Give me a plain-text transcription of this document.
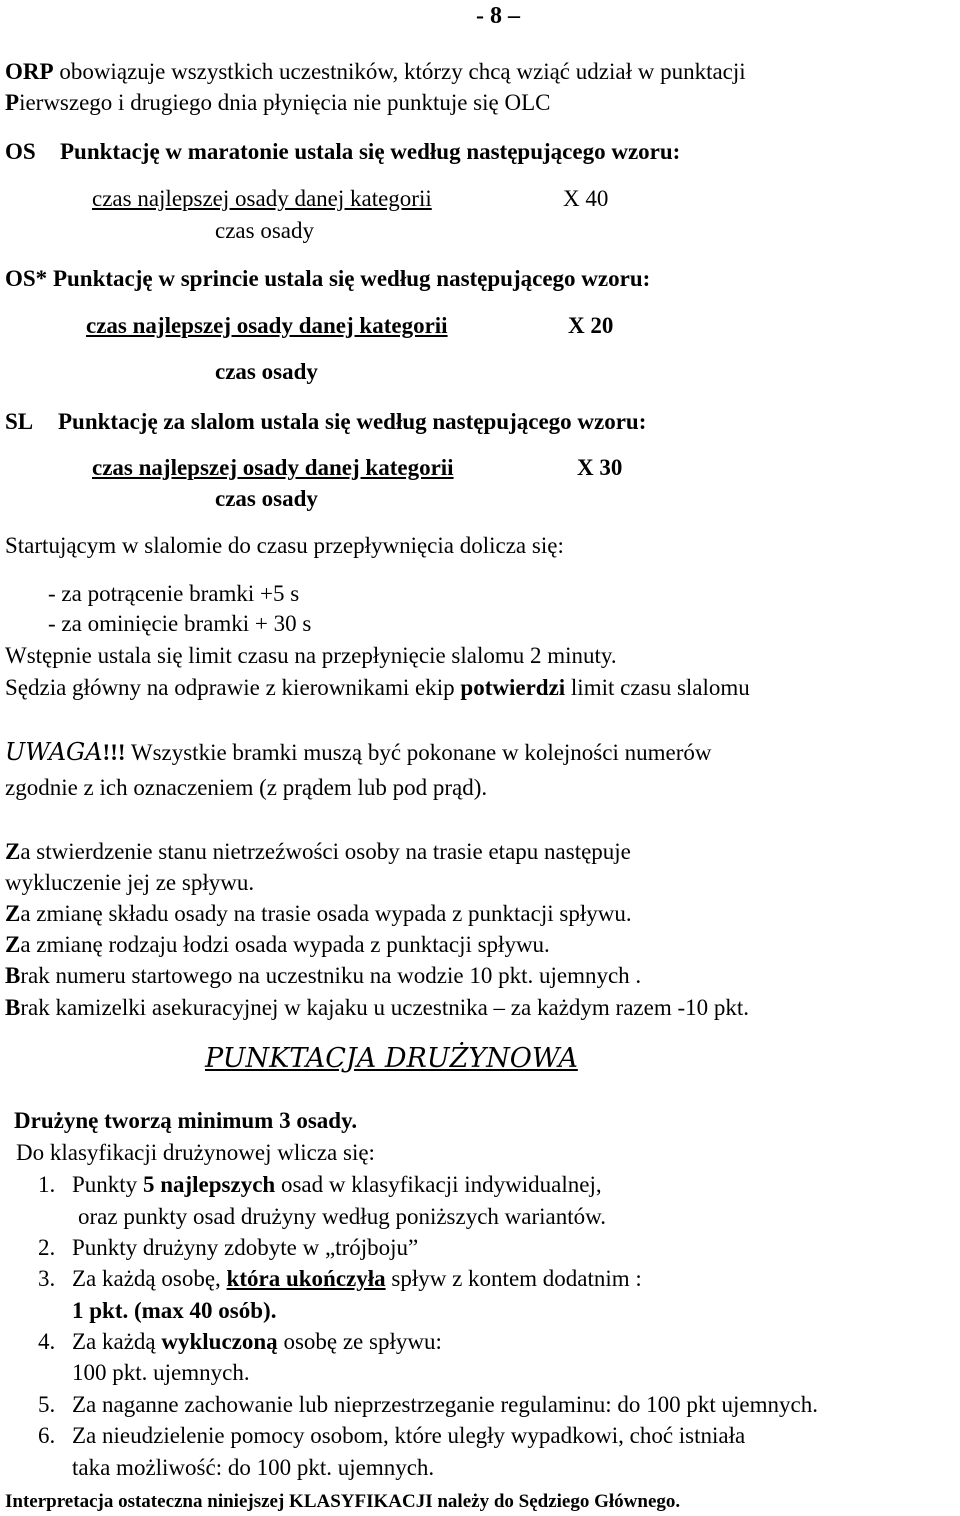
- 8 –
ORP obowiązuje wszystkich uczestników, którzy chcą wziąć udział w punktacji
Pierwszego i drugiego dnia płynięcia nie punktuje się OLC
OS Punktację w maratonie ustala się według następującego wzoru:
czas najlepszej osady danej kategorii	X 40
czas osady
OS* Punktację w sprincie ustala się według następującego wzoru:
czas najlepszej osady danej kategorii	X 20
czas osady
SL Punktację za slalom ustala się według następującego wzoru:
czas najlepszej osady danej kategorii	X 30
czas osady
Startującym w slalomie do czasu przepływnięcia dolicza się:
- za potrącenie bramki +5 s
- za ominięcie bramki + 30 s
Wstępnie ustala się limit czasu na przepłynięcie slalomu 2 minuty.
Sędzia główny na odprawie z kierownikami ekip potwierdzi limit czasu slalomu
UWAGA!!! Wszystkie bramki muszą być pokonane w kolejności numerów
zgodnie z ich oznaczeniem (z prądem lub pod prąd).
Za stwierdzenie stanu nietrzeźwości osoby na trasie etapu następuje
wykluczenie jej ze spływu.
Za zmianę składu osady na trasie osada wypada z punktacji spływu.
Za zmianę rodzaju łodzi osada wypada z punktacji spływu.
Brak numeru startowego na uczestniku na wodzie 10 pkt. ujemnych .
Brak kamizelki asekuracyjnej w kajaku u uczestnika – za każdym razem -10 pkt.
PUNKTACJA DRUŻYNOWA
Drużynę tworzą minimum 3 osady.
Do klasyfikacji drużynowej wlicza się:
1. Punkty 5 najlepszych osad w klasyfikacji indywidualnej,
oraz punkty osad drużyny według poniższych wariantów.
2. Punkty drużyny zdobyte w „trójboju”
3. Za każdą osobę, która ukończyła spływ z kontem dodatnim :
1 pkt. (max 40 osób).
4. Za każdą wykluczoną osobę ze spływu:
100 pkt. ujemnych.
5. Za naganne zachowanie lub nieprzestrzeganie regulaminu: do 100 pkt ujemnych.
6. Za nieudzielenie pomocy osobom, które uległy wypadkowi, choć istniała
taka możliwość: do 100 pkt. ujemnych.
Interpretacja ostateczna niniejszej KLASYFIKACJI należy do Sędziego Głównego.
